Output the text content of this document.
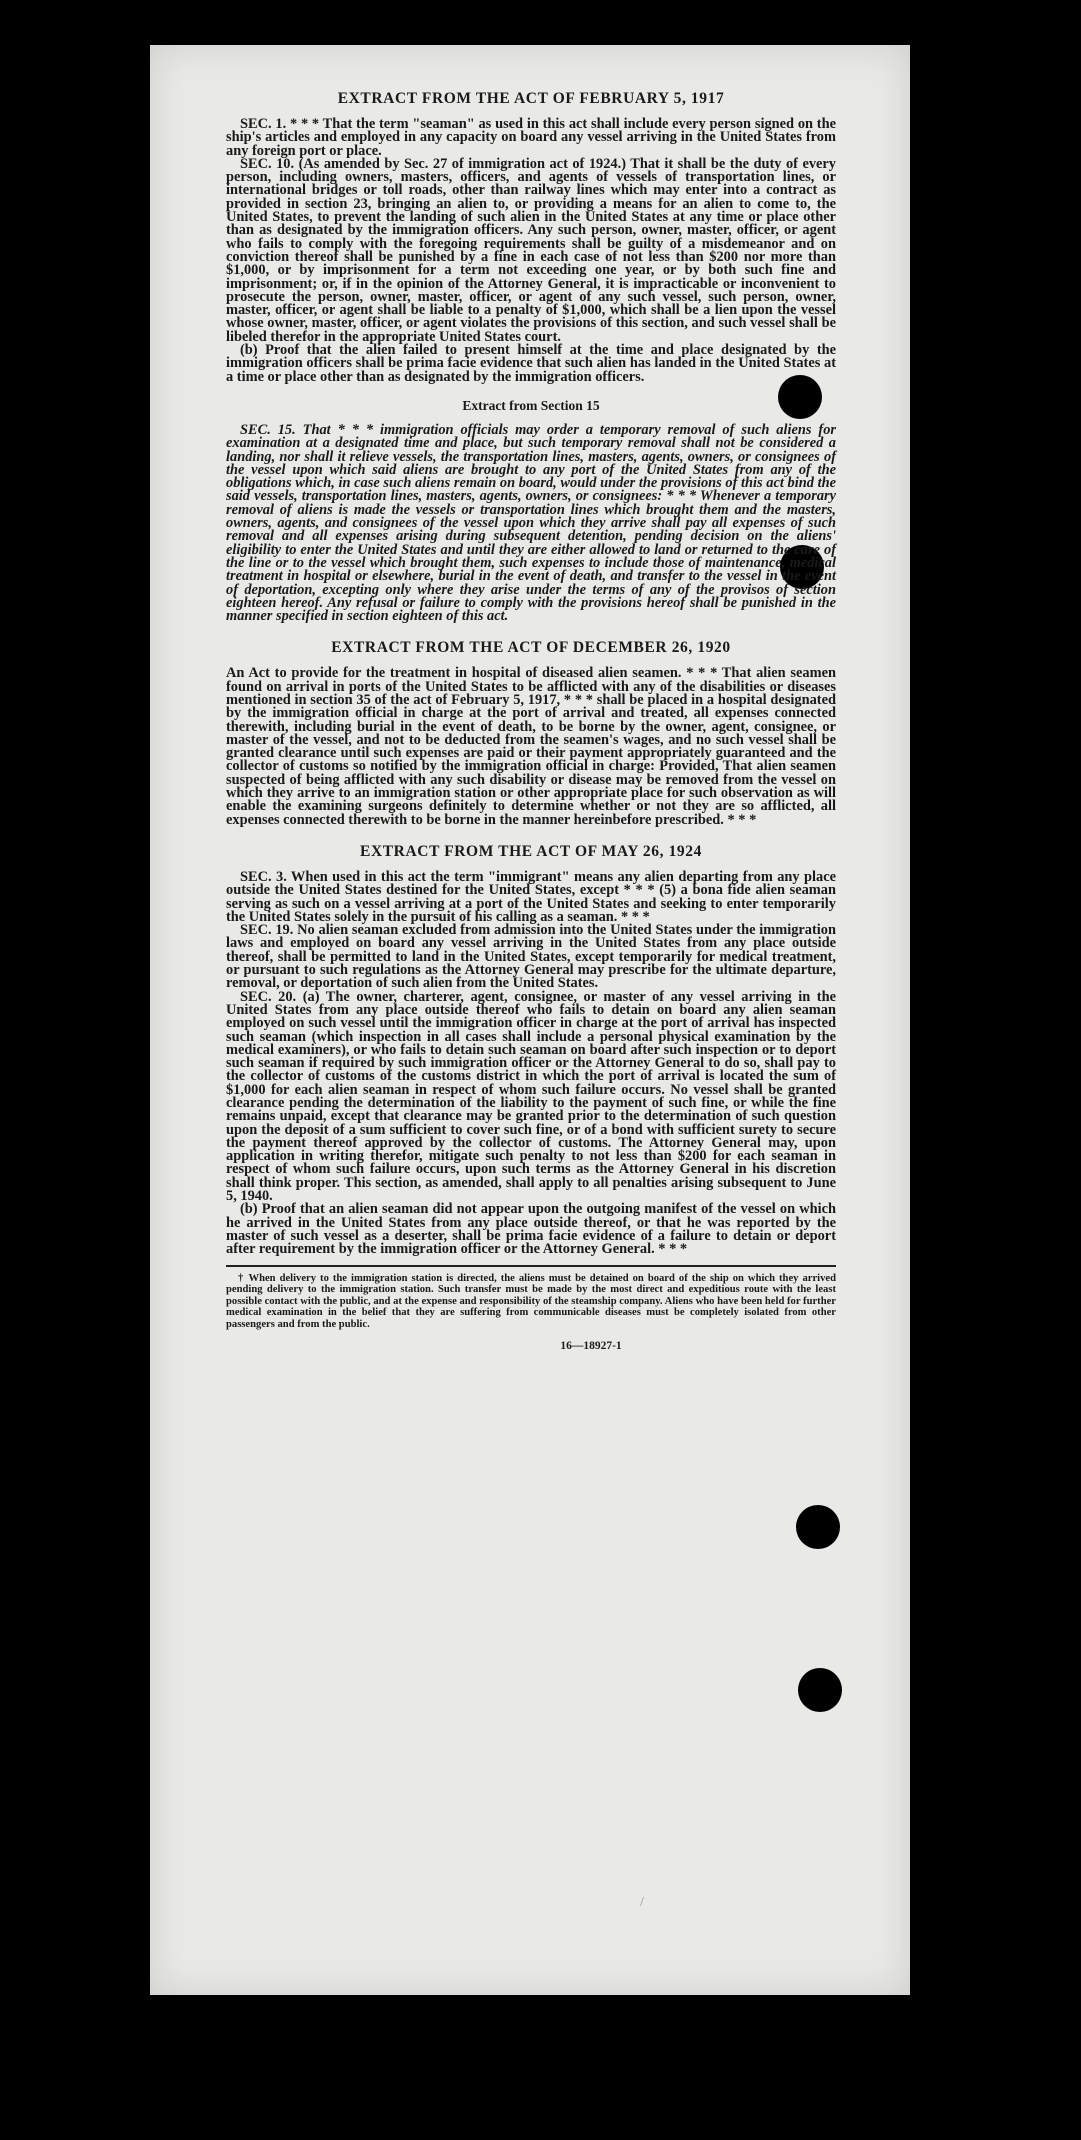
EXTRACT FROM THE ACT OF FEBRUARY 5, 1917

SEC. 1. * * * That the term "seaman" as used in this act shall include every person signed on the ship's articles and employed in any capacity on board any vessel arriving in the United States from any foreign port or place.

SEC. 10. (As amended by Sec. 27 of immigration act of 1924.) That it shall be the duty of every person, including owners, masters, officers, and agents of vessels of transportation lines, or international bridges or toll roads, other than railway lines which may enter into a contract as provided in section 23, bringing an alien to, or providing a means for an alien to come to, the United States, to prevent the landing of such alien in the United States at any time or place other than as designated by the immigration officers. Any such person, owner, master, officer, or agent who fails to comply with the foregoing requirements shall be guilty of a misdemeanor and on conviction thereof shall be punished by a fine in each case of not less than $200 nor more than $1,000, or by imprisonment for a term not exceeding one year, or by both such fine and imprisonment; or, if in the opinion of the Attorney General, it is impracticable or inconvenient to prosecute the person, owner, master, officer, or agent of any such vessel, such person, owner, master, officer, or agent shall be liable to a penalty of $1,000, which shall be a lien upon the vessel whose owner, master, officer, or agent violates the provisions of this section, and such vessel shall be libeled therefor in the appropriate United States court.

(b) Proof that the alien failed to present himself at the time and place designated by the immigration officers shall be prima facie evidence that such alien has landed in the United States at a time or place other than as designated by the immigration officers.

Extract from Section 15

SEC. 15. That * * * immigration officials may order a temporary removal of such aliens for examination at a designated time and place, but such temporary removal shall not be considered a landing, nor shall it relieve vessels, the transportation lines, masters, agents, owners, or consignees of the vessel upon which said aliens are brought to any port of the United States from any of the obligations which, in case such aliens remain on board, would under the provisions of this act bind the said vessels, transportation lines, masters, agents, owners, or consignees: * * * Whenever a temporary removal of aliens is made the vessels or transportation lines which brought them and the masters, owners, agents, and consignees of the vessel upon which they arrive shall pay all expenses of such removal and all expenses arising during subsequent detention, pending decision on the aliens' eligibility to enter the United States and until they are either allowed to land or returned to the care of the line or to the vessel which brought them, such expenses to include those of maintenance, medical treatment in hospital or elsewhere, burial in the event of death, and transfer to the vessel in the event of deportation, excepting only where they arise under the terms of any of the provisos of section eighteen hereof. Any refusal or failure to comply with the provisions hereof shall be punished in the manner specified in section eighteen of this act.

EXTRACT FROM THE ACT OF DECEMBER 26, 1920

An Act to provide for the treatment in hospital of diseased alien seamen. * * * That alien seamen found on arrival in ports of the United States to be afflicted with any of the disabilities or diseases mentioned in section 35 of the act of February 5, 1917, * * * shall be placed in a hospital designated by the immigration official in charge at the port of arrival and treated, all expenses connected therewith, including burial in the event of death, to be borne by the owner, agent, consignee, or master of the vessel, and not to be deducted from the seamen's wages, and no such vessel shall be granted clearance until such expenses are paid or their payment appropriately guaranteed and the collector of customs so notified by the immigration official in charge: Provided, That alien seamen suspected of being afflicted with any such disability or disease may be removed from the vessel on which they arrive to an immigration station or other appropriate place for such observation as will enable the examining surgeons definitely to determine whether or not they are so afflicted, all expenses connected therewith to be borne in the manner hereinbefore prescribed. * * *

EXTRACT FROM THE ACT OF MAY 26, 1924

SEC. 3. When used in this act the term "immigrant" means any alien departing from any place outside the United States destined for the United States, except * * * (5) a bona fide alien seaman serving as such on a vessel arriving at a port of the United States and seeking to enter temporarily the United States solely in the pursuit of his calling as a seaman. * * *

SEC. 19. No alien seaman excluded from admission into the United States under the immigration laws and employed on board any vessel arriving in the United States from any place outside thereof, shall be permitted to land in the United States, except temporarily for medical treatment, or pursuant to such regulations as the Attorney General may prescribe for the ultimate departure, removal, or deportation of such alien from the United States.

SEC. 20. (a) The owner, charterer, agent, consignee, or master of any vessel arriving in the United States from any place outside thereof who fails to detain on board any alien seaman employed on such vessel until the immigration officer in charge at the port of arrival has inspected such seaman (which inspection in all cases shall include a personal physical examination by the medical examiners), or who fails to detain such seaman on board after such inspection or to deport such seaman if required by such immigration officer or the Attorney General to do so, shall pay to the collector of customs of the customs district in which the port of arrival is located the sum of $1,000 for each alien seaman in respect of whom such failure occurs. No vessel shall be granted clearance pending the determination of the liability to the payment of such fine, or while the fine remains unpaid, except that clearance may be granted prior to the determination of such question upon the deposit of a sum sufficient to cover such fine, or of a bond with sufficient surety to secure the payment thereof approved by the collector of customs. The Attorney General may, upon application in writing therefor, mitigate such penalty to not less than $200 for each seaman in respect of whom such failure occurs, upon such terms as the Attorney General in his discretion shall think proper. This section, as amended, shall apply to all penalties arising subsequent to June 5, 1940.

(b) Proof that an alien seaman did not appear upon the outgoing manifest of the vessel on which he arrived in the United States from any place outside thereof, or that he was reported by the master of such vessel as a deserter, shall be prima facie evidence of a failure to detain or deport after requirement by the immigration officer or the Attorney General. * * *

† When delivery to the immigration station is directed, the aliens must be detained on board of the ship on which they arrived pending delivery to the immigration station. Such transfer must be made by the most direct and expeditious route with the least possible contact with the public, and at the expense and responsibility of the steamship company. Aliens who have been held for further medical examination in the belief that they are suffering from communicable diseases must be completely isolated from other passengers and from the public.

16—18927-1
/
